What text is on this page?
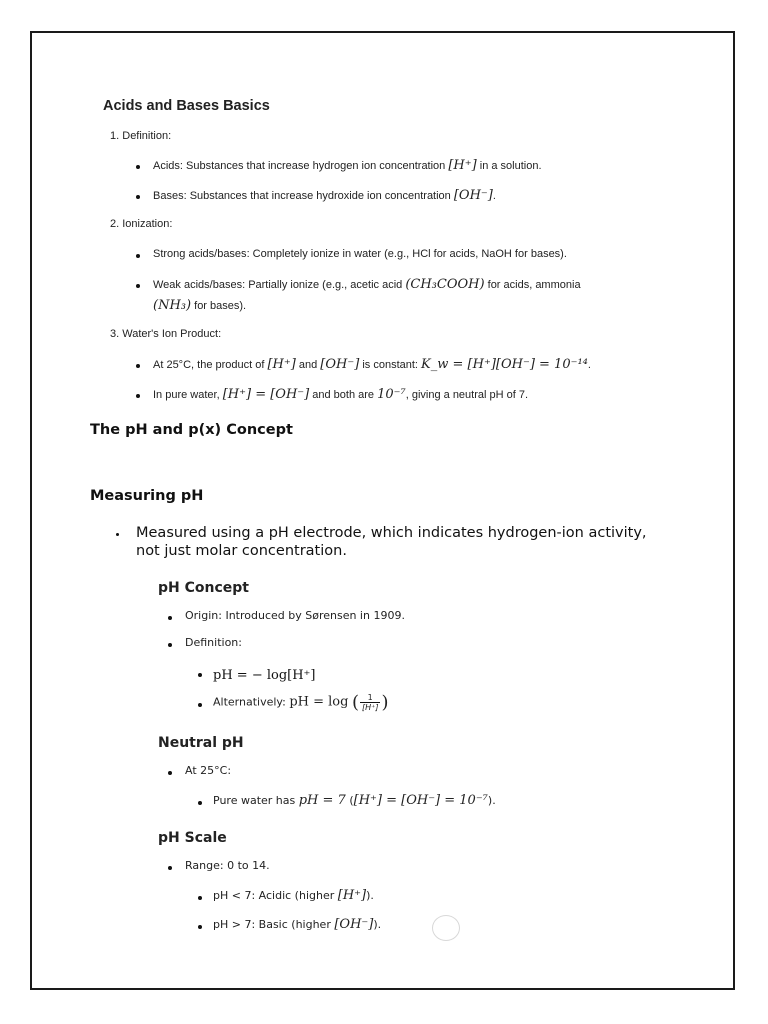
Acids and Bases Basics
1. Definition:
Acids: Substances that increase hydrogen ion concentration [H⁺] in a solution.
Bases: Substances that increase hydroxide ion concentration [OH⁻].
2. Ionization:
Strong acids/bases: Completely ionize in water (e.g., HCl for acids, NaOH for bases).
Weak acids/bases: Partially ionize (e.g., acetic acid (CH₃COOH) for acids, ammonia
(NH₃) for bases).
3. Water's Ion Product:
At 25°C, the product of [H⁺] and [OH⁻] is constant: K_w = [H⁺][OH⁻] = 10⁻¹⁴.
In pure water, [H⁺] = [OH⁻] and both are 10⁻⁷, giving a neutral pH of 7.
The pH and p(x) Concept
Measuring pH
Measured using a pH electrode, which indicates hydrogen-ion activity,
not just molar concentration.
pH Concept
Origin: Introduced by Sørensen in 1909.
Definition:
pH = − log[H⁺]
Alternatively: pH = log ( $\frac{1}{[H^+]}$ )
Neutral pH
At 25°C:
Pure water has pH = 7 ([H⁺] = [OH⁻] = 10⁻⁷).
pH Scale
Range: 0 to 14.
pH < 7: Acidic (higher [H⁺]).
pH > 7: Basic (higher [OH⁻]).
